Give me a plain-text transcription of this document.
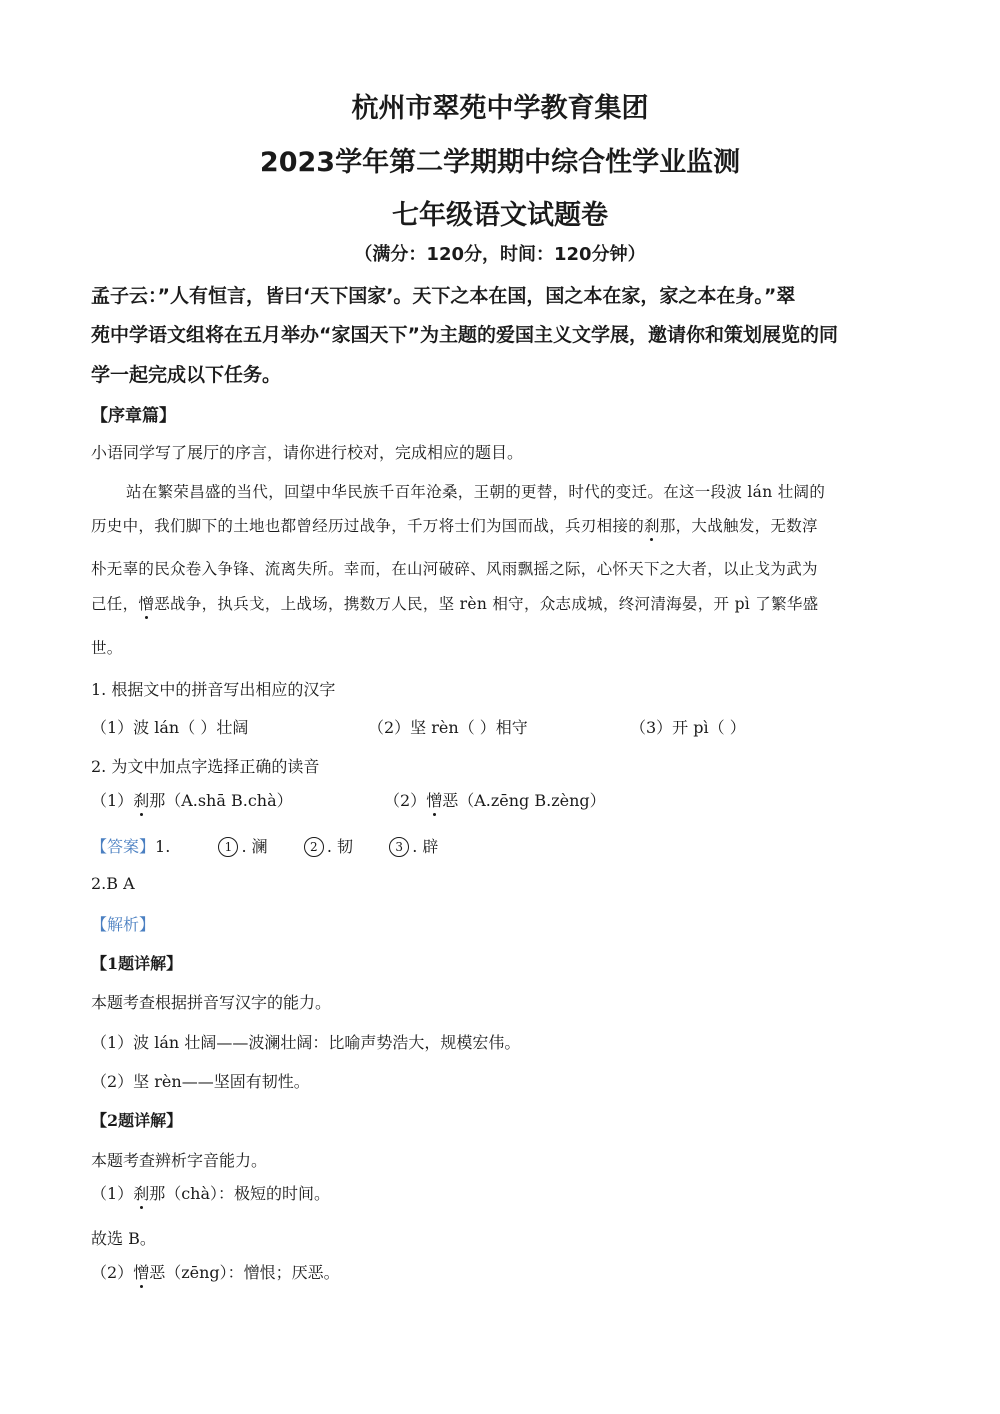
杭州市翠苑中学教育集团
2023学年第二学期期中综合性学业监测
七年级语文试题卷
（满分：120分，时间：120分钟）
孟子云：”人有恒言，皆曰‘天下国家’。天下之本在国，国之本在家，家之本在身。”翠
苑中学语文组将在五月举办“家国天下”为主题的爱国主义文学展，邀请你和策划展览的同
学一起完成以下任务。
【序章篇】
小语同学写了展厅的序言，请你进行校对，完成相应的题目。
站在繁荣昌盛的当代，回望中华民族千百年沧桑，王朝的更替，时代的变迁。在这一段波 lán 壮阔的
历史中，我们脚下的土地也都曾经历过战争，千万将士们为国而战，兵刃相接的刹那，大战触发，无数淳
朴无辜的民众卷入争锋、流离失所。幸而，在山河破碎、风雨飘摇之际，心怀天下之大者，以止戈为武为
己任，憎恶战争，执兵戈，上战场，携数万人民，坚 rèn 相守，众志成城，终河清海晏，开 pì 了繁华盛
世。
1. 根据文中的拼音写出相应的汉字
（1）波 lán（ ）壮阔	（2）坚 rèn（ ）相守	（3）开 pì（ ）
2. 为文中加点字选择正确的读音
（1）刹那（A.shā B.chà）	（2）憎恶（A.zēng B.zèng）
【答案】1.	1 . 澜	2 . 韧	3 . 辟
2.B A
【解析】
【1题详解】
本题考查根据拼音写汉字的能力。
（1）波 lán 壮阔——波澜壮阔：比喻声势浩大，规模宏伟。
（2）坚 rèn——坚固有韧性。
【2题详解】
本题考查辨析字音能力。
（1）刹那（chà）：极短的时间。
故选 B。
（2）憎恶（zēng）：憎恨；厌恶。
